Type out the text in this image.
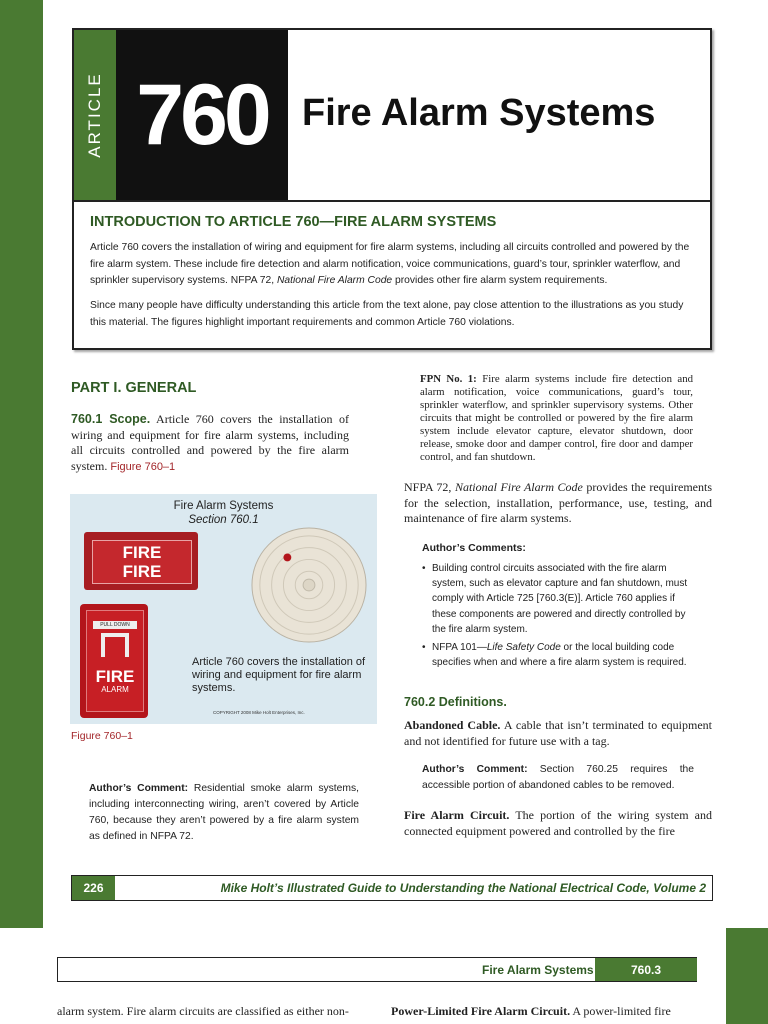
ARTICLE 760 Fire Alarm Systems
INTRODUCTION TO ARTICLE 760—FIRE ALARM SYSTEMS
Article 760 covers the installation of wiring and equipment for fire alarm systems, including all circuits controlled and powered by the fire alarm system. These include fire detection and alarm notification, voice communications, guard’s tour, sprinkler waterflow, and sprinkler supervisory systems. NFPA 72, National Fire Alarm Code provides other fire alarm system requirements.
Since many people have difficulty understanding this article from the text alone, pay close attention to the illustrations as you study this material. The figures highlight important requirements and common Article 760 violations.
PART I. GENERAL
760.1 Scope. Article 760 covers the installation of wiring and equipment for fire alarm systems, including all circuits controlled and powered by the fire alarm system. Figure 760–1
Fire Alarm Systems
Section 760.1
FIRE
FIRE
PULL DOWN
FIRE
ALARM
Article 760 covers the installation of wiring and equipment for fire alarm systems.
COPYRIGHT 2008 Mike Holt Enterprises, Inc.
Figure 760–1
Author’s Comment: Residential smoke alarm systems, including interconnecting wiring, aren’t covered by Article 760, because they aren’t powered by a fire alarm system as defined in NFPA 72.
FPN No. 1: Fire alarm systems include fire detection and alarm notification, voice communications, guard’s tour, sprinkler waterflow, and sprinkler supervisory systems. Other circuits that might be controlled or powered by the fire alarm system include elevator capture, elevator shutdown, door release, smoke door and damper control, fire door and damper control, and fan shutdown.
NFPA 72, National Fire Alarm Code provides the requirements for the selection, installation, performance, use, testing, and maintenance of fire alarm systems.
Author’s Comments:
• Building control circuits associated with the fire alarm system, such as elevator capture and fan shutdown, must comply with Article 725 [760.3(E)]. Article 760 applies if these components are powered and directly controlled by the fire alarm system.
• NFPA 101—Life Safety Code or the local building code specifies when and where a fire alarm system is required.
760.2 Definitions.
Abandoned Cable. A cable that isn’t terminated to equipment and not identified for future use with a tag.
Author’s Comment: Section 760.25 requires the accessible portion of abandoned cables to be removed.
Fire Alarm Circuit. The portion of the wiring system and connected equipment powered and controlled by the fire
226	Mike Holt’s Illustrated Guide to Understanding the National Electrical Code, Volume 2
Fire Alarm Systems	760.3
alarm system. Fire alarm circuits are classified as either non-	Power-Limited Fire Alarm Circuit. A power-limited fire
